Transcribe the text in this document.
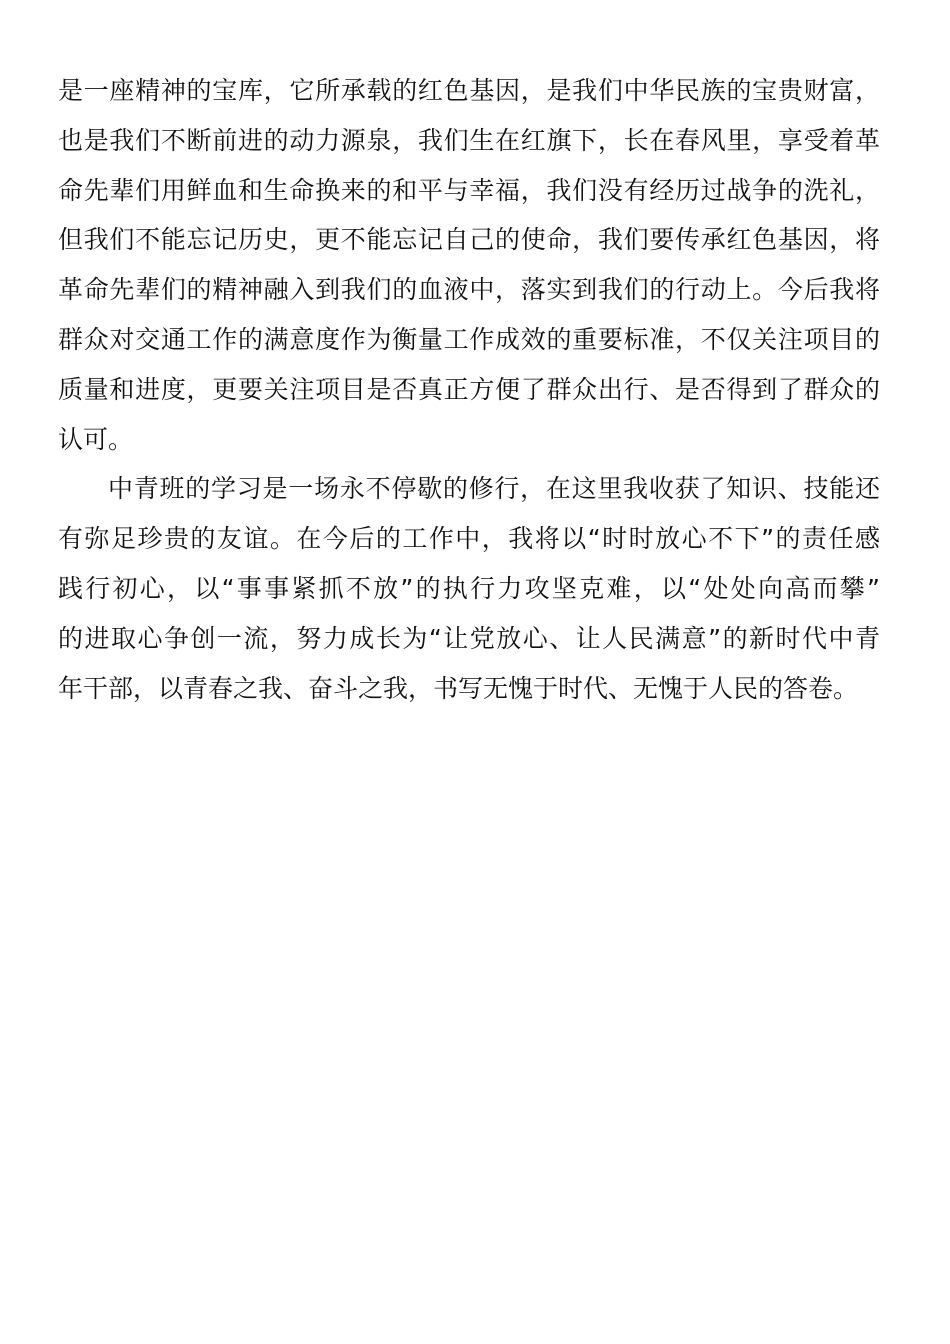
是一座精神的宝库，它所承载的红色基因，是我们中华民族的宝贵财富，
也是我们不断前进的动力源泉，我们生在红旗下，长在春风里，享受着革
命先辈们用鲜血和生命换来的和平与幸福，我们没有经历过战争的洗礼，
但我们不能忘记历史，更不能忘记自己的使命，我们要传承红色基因，将
革命先辈们的精神融入到我们的血液中，落实到我们的行动上。今后我将
群众对交通工作的满意度作为衡量工作成效的重要标准，不仅关注项目的
质量和进度，更要关注项目是否真正方便了群众出行、是否得到了群众的
认可。
中青班的学习是一场永不停歇的修行，在这里我收获了知识、技能还
有弥足珍贵的友谊。在今后的工作中，我将以“时时放心不下”的责任感
践行初心，以“事事紧抓不放”的执行力攻坚克难，以“处处向高而攀”
的进取心争创一流，努力成长为“让党放心、让人民满意”的新时代中青
年干部，以青春之我、奋斗之我，书写无愧于时代、无愧于人民的答卷。
